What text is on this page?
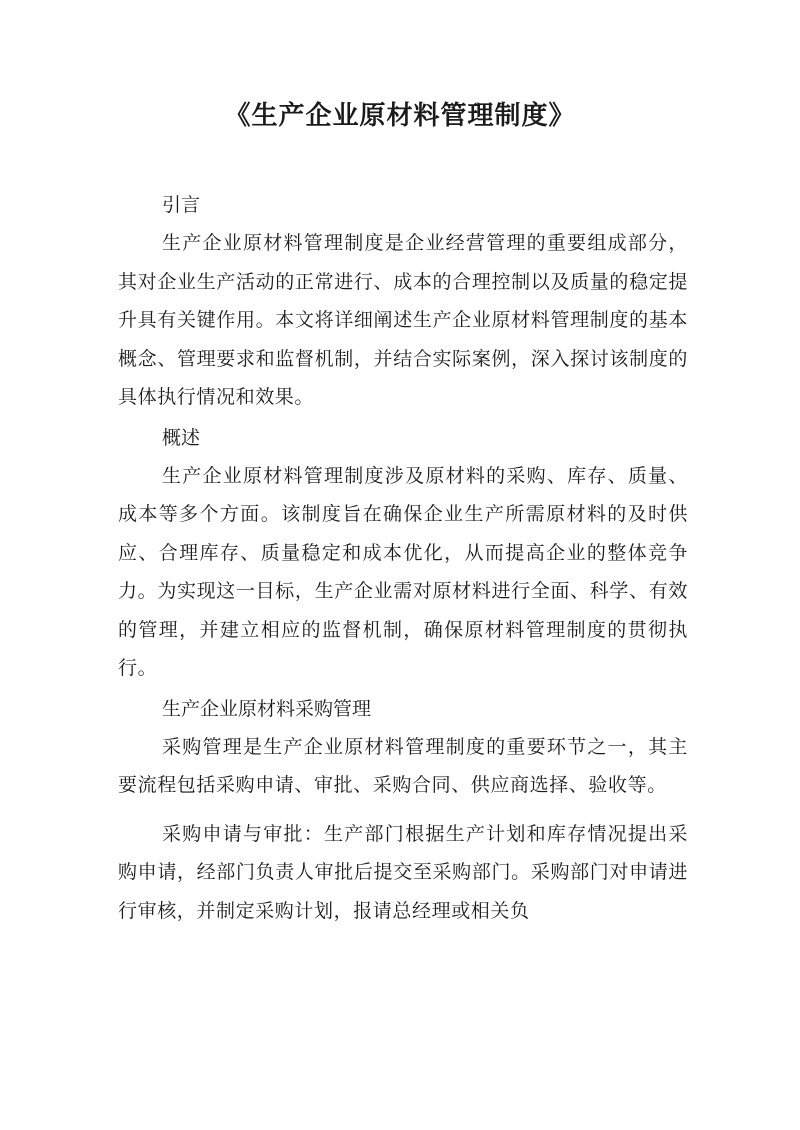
《生产企业原材料管理制度》

引言

生产企业原材料管理制度是企业经营管理的重要组成部分，其对企业生产活动的正常进行、成本的合理控制以及质量的稳定提升具有关键作用。本文将详细阐述生产企业原材料管理制度的基本概念、管理要求和监督机制，并结合实际案例，深入探讨该制度的具体执行情况和效果。

概述

生产企业原材料管理制度涉及原材料的采购、库存、质量、成本等多个方面。该制度旨在确保企业生产所需原材料的及时供应、合理库存、质量稳定和成本优化，从而提高企业的整体竞争力。为实现这一目标，生产企业需对原材料进行全面、科学、有效的管理，并建立相应的监督机制，确保原材料管理制度的贯彻执行。

生产企业原材料采购管理

采购管理是生产企业原材料管理制度的重要环节之一，其主要流程包括采购申请、审批、采购合同、供应商选择、验收等。

采购申请与审批：生产部门根据生产计划和库存情况提出采购申请，经部门负责人审批后提交至采购部门。采购部门对申请进行审核，并制定采购计划，报请总经理或相关负
